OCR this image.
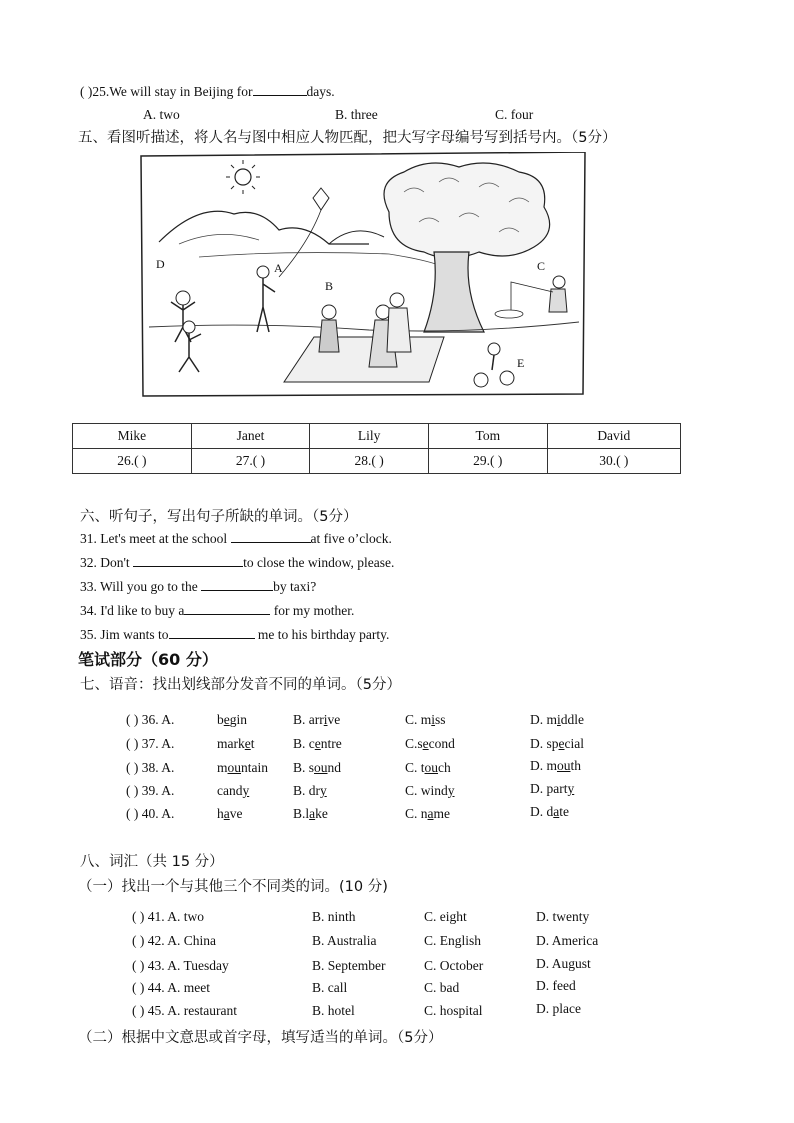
( )25.We will stay in Beijing for	days.
A. two	B. three	C. four
五、看图听描述，将人名与图中相应人物匹配，把大写字母编号写到括号内。（5分）
A
B
C
D
E
Mike	Janet	Lily	Tom	David
26.( )	27.( )	28.( )	29.( )	30.( )
六、听句子，写出句子所缺的单词。（5分）
31. Let's meet at the school	at five o’clock.
32. Don't	to close the window, please.
33. Will you go to the	by taxi?
34. I'd like to buy a	for my mother.
35. Jim wants to	me to his birthday party.
笔试部分（60 分）
七、语音：找出划线部分发音不同的单词。（5分）
( ) 36. A.	begin	B. arrive	C. miss	D. middle
( ) 37. A.	market	B. centre	C.second	D. special
( ) 38. A.	mountain B. sound	C. touch	D. mouth
( ) 39. A.	candy	B. dry	C. windy	D. party
( ) 40. A.	have	B.lake	C. name	D. date
八、词汇（共 15 分）
（一）找出一个与其他三个不同类的词。(10 分)
( ) 41. A. two	B. ninth	C. eight	D. twenty
( ) 42. A. China	B. Australia	C. English	D. America
( ) 43. A. Tuesday	B. September	C. October	D. August
( ) 44. A. meet	B. call	C. bad	D. feed
( ) 45. A. restaurant	B. hotel	C. hospital	D. place
（二）根据中文意思或首字母，填写适当的单词。（5分）
